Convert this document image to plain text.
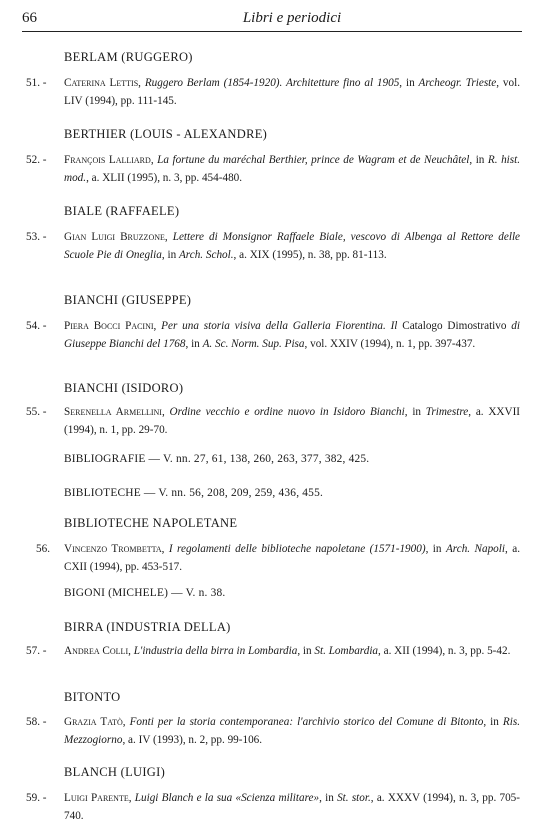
66	Libri e periodici
BERLAM (RUGGERO)
51. -	Caterina Lettis, Ruggero Berlam (1854-1920). Architetture fino al 1905, in Archeogr. Trieste, vol. LIV (1994), pp. 111-145.
BERTHIER (LOUIS - ALEXANDRE)
52. -	François Lalliard, La fortune du maréchal Berthier, prince de Wagram et de Neuchâtel, in R. hist. mod., a. XLII (1995), n. 3, pp. 454-480.
BIALE (RAFFAELE)
53. -	Gian Luigi Bruzzone, Lettere di Monsignor Raffaele Biale, vescovo di Albenga al Rettore delle Scuole Pie di Oneglia, in Arch. Schol., a. XIX (1995), n. 38, pp. 81-113.
BIANCHI (GIUSEPPE)
54. -	Piera Bocci Pacini, Per una storia visiva della Galleria Fiorentina. Il Catalogo Dimostrativo di Giuseppe Bianchi del 1768, in A. Sc. Norm. Sup. Pisa, vol. XXIV (1994), n. 1, pp. 397-437.
BIANCHI (ISIDORO)
55. -	Serenella Armellini, Ordine vecchio e ordine nuovo in Isidoro Bianchi, in Trimestre, a. XXVII (1994), n. 1, pp. 29-70.
BIBLIOGRAFIE — V. nn. 27, 61, 138, 260, 263, 377, 382, 425.
BIBLIOTECHE — V. nn. 56, 208, 209, 259, 436, 455.
BIBLIOTECHE NAPOLETANE
56.	Vincenzo Trombetta, I regolamenti delle biblioteche napoletane (1571-1900), in Arch. Napoli, a. CXII (1994), pp. 453-517.
BIGONI (MICHELE) — V. n. 38.
BIRRA (INDUSTRIA DELLA)
57. -	Andrea Colli, L'industria della birra in Lombardia, in St. Lombardia, a. XII (1994), n. 3, pp. 5-42.
BITONTO
58. -	Grazia Tatò, Fonti per la storia contemporanea: l'archivio storico del Comune di Bitonto, in Ris. Mezzogiorno, a. IV (1993), n. 2, pp. 99-106.
BLANCH (LUIGI)
59. -	Luigi Parente, Luigi Blanch e la sua «Scienza militare», in St. stor., a. XXXV (1994), n. 3, pp. 705-740.
